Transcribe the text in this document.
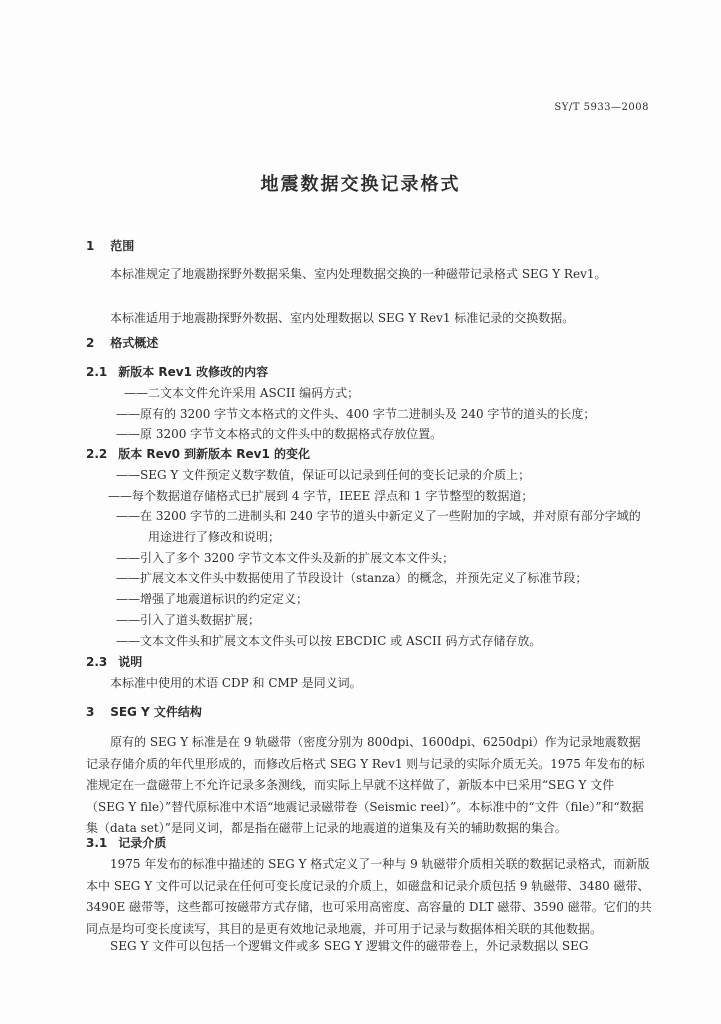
SY/T 5933—2008
地震数据交换记录格式
1 范围
本标准规定了地震勘探野外数据采集、室内处理数据交换的一种磁带记录格式 SEG Y Rev1。
本标准适用于地震勘探野外数据、室内处理数据以 SEG Y Rev1 标准记录的交换数据。
2 格式概述
2.1 新版本 Rev1 改修改的内容
——二文本文件允许采用 ASCII 编码方式；
——原有的 3200 字节文本格式的文件头、400 字节二进制头及 240 字节的道头的长度；
——原 3200 字节文本格式的文件头中的数据格式存放位置。
2.2 版本 Rev0 到新版本 Rev1 的变化
——SEG Y 文件预定义数字数值，保证可以记录到任何的变长记录的介质上；
——每个数据道存储格式已扩展到 4 字节，IEEE 浮点和 1 字节整型的数据道；
——在 3200 字节的二进制头和 240 字节的道头中新定义了一些附加的字域，并对原有部分字域的
用途进行了修改和说明；
——引入了多个 3200 字节文本文件头及新的扩展文本文件头；
——扩展文本文件头中数据使用了节段设计（stanza）的概念，并预先定义了标准节段；
——增强了地震道标识的约定定义；
——引入了道头数据扩展；
——文本文件头和扩展文本文件头可以按 EBCDIC 或 ASCII 码方式存储存放。
2.3 说明
本标准中使用的术语 CDP 和 CMP 是同义词。
3 SEG Y 文件结构
原有的 SEG Y 标准是在 9 轨磁带（密度分别为 800dpi、1600dpi、6250dpi）作为记录地震数据记录存储介质的年代里形成的，而修改后格式 SEG Y Rev1 则与记录的实际介质无关。1975 年发布的标准规定在一盘磁带上不允许记录多条测线，而实际上早就不这样做了，新版本中已采用“SEG Y 文件（SEG Y file）”替代原标准中术语“地震记录磁带卷（Seismic reel）”。本标准中的“文件（file）”和“数据集（data set）”是同义词，都是指在磁带上记录的地震道的道集及有关的辅助数据的集合。
3.1 记录介质
1975 年发布的标准中描述的 SEG Y 格式定义了一种与 9 轨磁带介质相关联的数据记录格式，而新版本中 SEG Y 文件可以记录在任何可变长度记录的介质上，如磁盘和记录介质包括 9 轨磁带、3480 磁带、3490E 磁带等，这些都可按磁带方式存储，也可采用高密度、高容量的 DLT 磁带、3590 磁带。它们的共同点是均可变长度读写，其目的是更有效地记录地震，并可用于记录与数据体相关联的其他数据。
SEG Y 文件可以包括一个逻辑文件或多 SEG Y 逻辑文件的磁带卷上，外记录数据以 SEG
